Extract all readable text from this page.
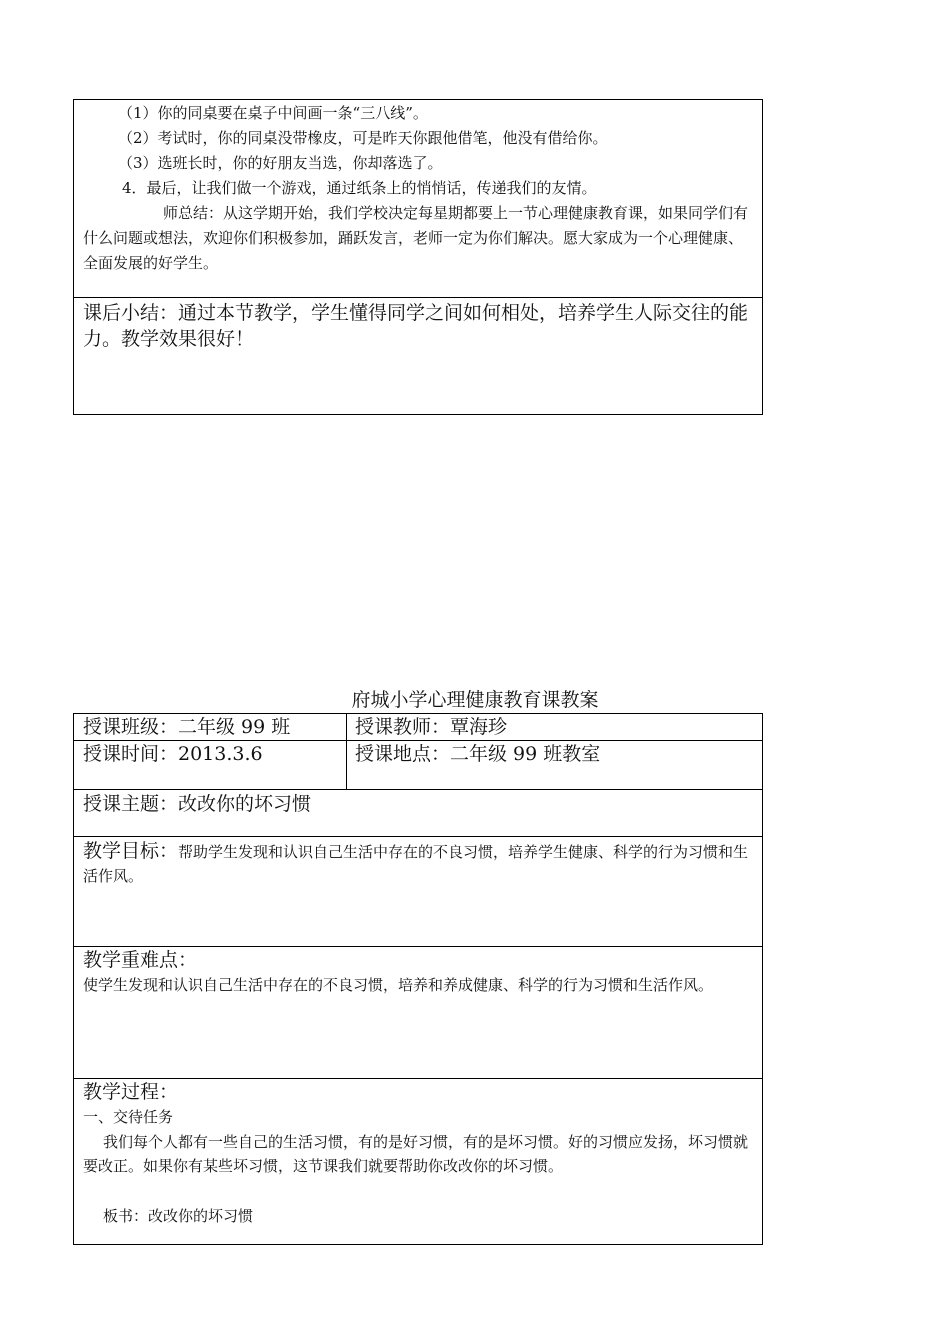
（1）你的同桌要在桌子中间画一条“三八线”。
（2）考试时，你的同桌没带橡皮，可是昨天你跟他借笔，他没有借给你。
（3）选班长时，你的好朋友当选，你却落选了。
4．最后，让我们做一个游戏，通过纸条上的悄悄话，传递我们的友情。
师总结：从这学期开始，我们学校决定每星期都要上一节心理健康教育课，如果同学们有什么问题或想法，欢迎你们积极参加，踊跃发言，老师一定为你们解决。愿大家成为一个心理健康、全面发展的好学生。
课后小结：通过本节教学，学生懂得同学之间如何相处，培养学生人际交往的能力。教学效果很好！
府城小学心理健康教育课教案
授课班级：二年级 99 班	授课教师：覃海珍
授课时间：2013.3.6	授课地点：二年级 99 班教室
授课主题：改改你的坏习惯
教学目标：帮助学生发现和认识自己生活中存在的不良习惯，培养学生健康、科学的行为习惯和生活作风。
教学重难点：
使学生发现和认识自己生活中存在的不良习惯，培养和养成健康、科学的行为习惯和生活作风。
教学过程：
一、交待任务
我们每个人都有一些自己的生活习惯，有的是好习惯，有的是坏习惯。好的习惯应发扬，坏习惯就要改正。如果你有某些坏习惯，这节课我们就要帮助你改改你的坏习惯。
板书：改改你的坏习惯
